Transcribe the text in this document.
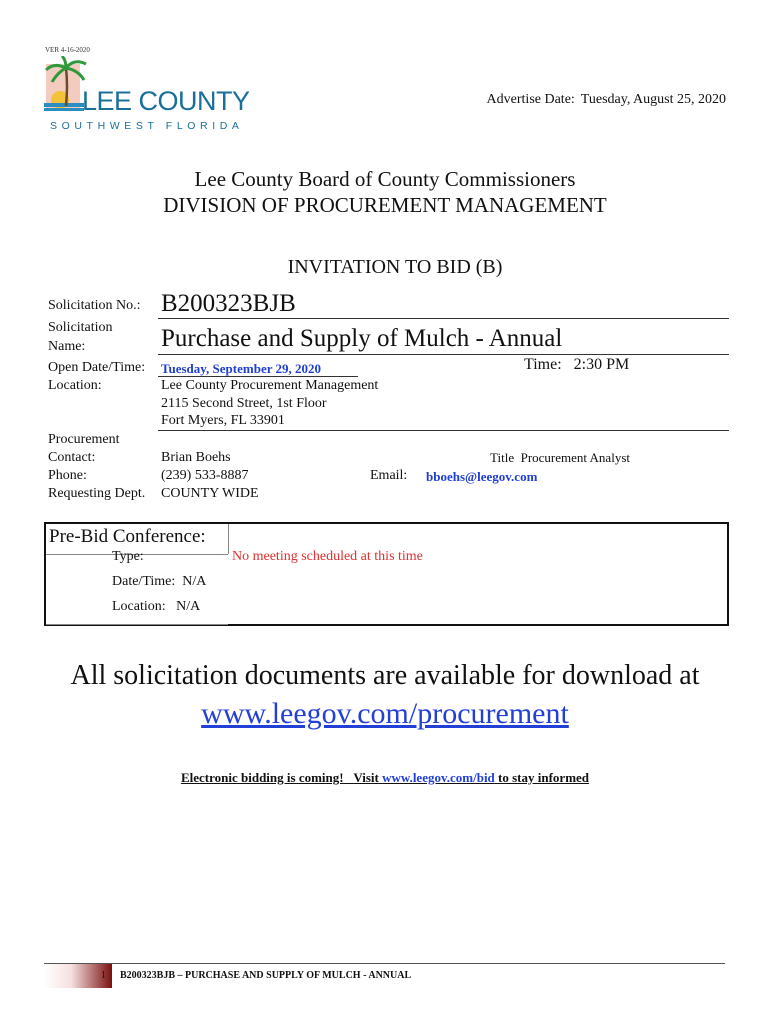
VER 4-16-2020
LEE COUNTY
SOUTHWEST FLORIDA
Advertise Date: Tuesday, August 25, 2020
Lee County Board of County Commissioners
DIVISION OF PROCUREMENT MANAGEMENT
INVITATION TO BID (B)
Solicitation No.: B200323BJB
Solicitation
Name:	Purchase and Supply of Mulch - Annual
Open Date/Time: Tuesday, September 29, 2020	Time: 2:30 PM
Location:	Lee County Procurement Management
2115 Second Street, 1st Floor
Fort Myers, FL 33901
Procurement
Contact:	Brian Boehs	Title Procurement Analyst
Phone:	(239) 533-8887	Email: bboehs@leegov.com
Requesting Dept. COUNTY WIDE
Pre-Bid Conference:
Type:	No meeting scheduled at this time
Date/Time: N/A
Location: N/A
All solicitation documents are available for download at
www.leegov.com/procurement
Electronic bidding is coming! Visit www.leegov.com/bid to stay informed
1 B200323BJB – PURCHASE AND SUPPLY OF MULCH - ANNUAL
